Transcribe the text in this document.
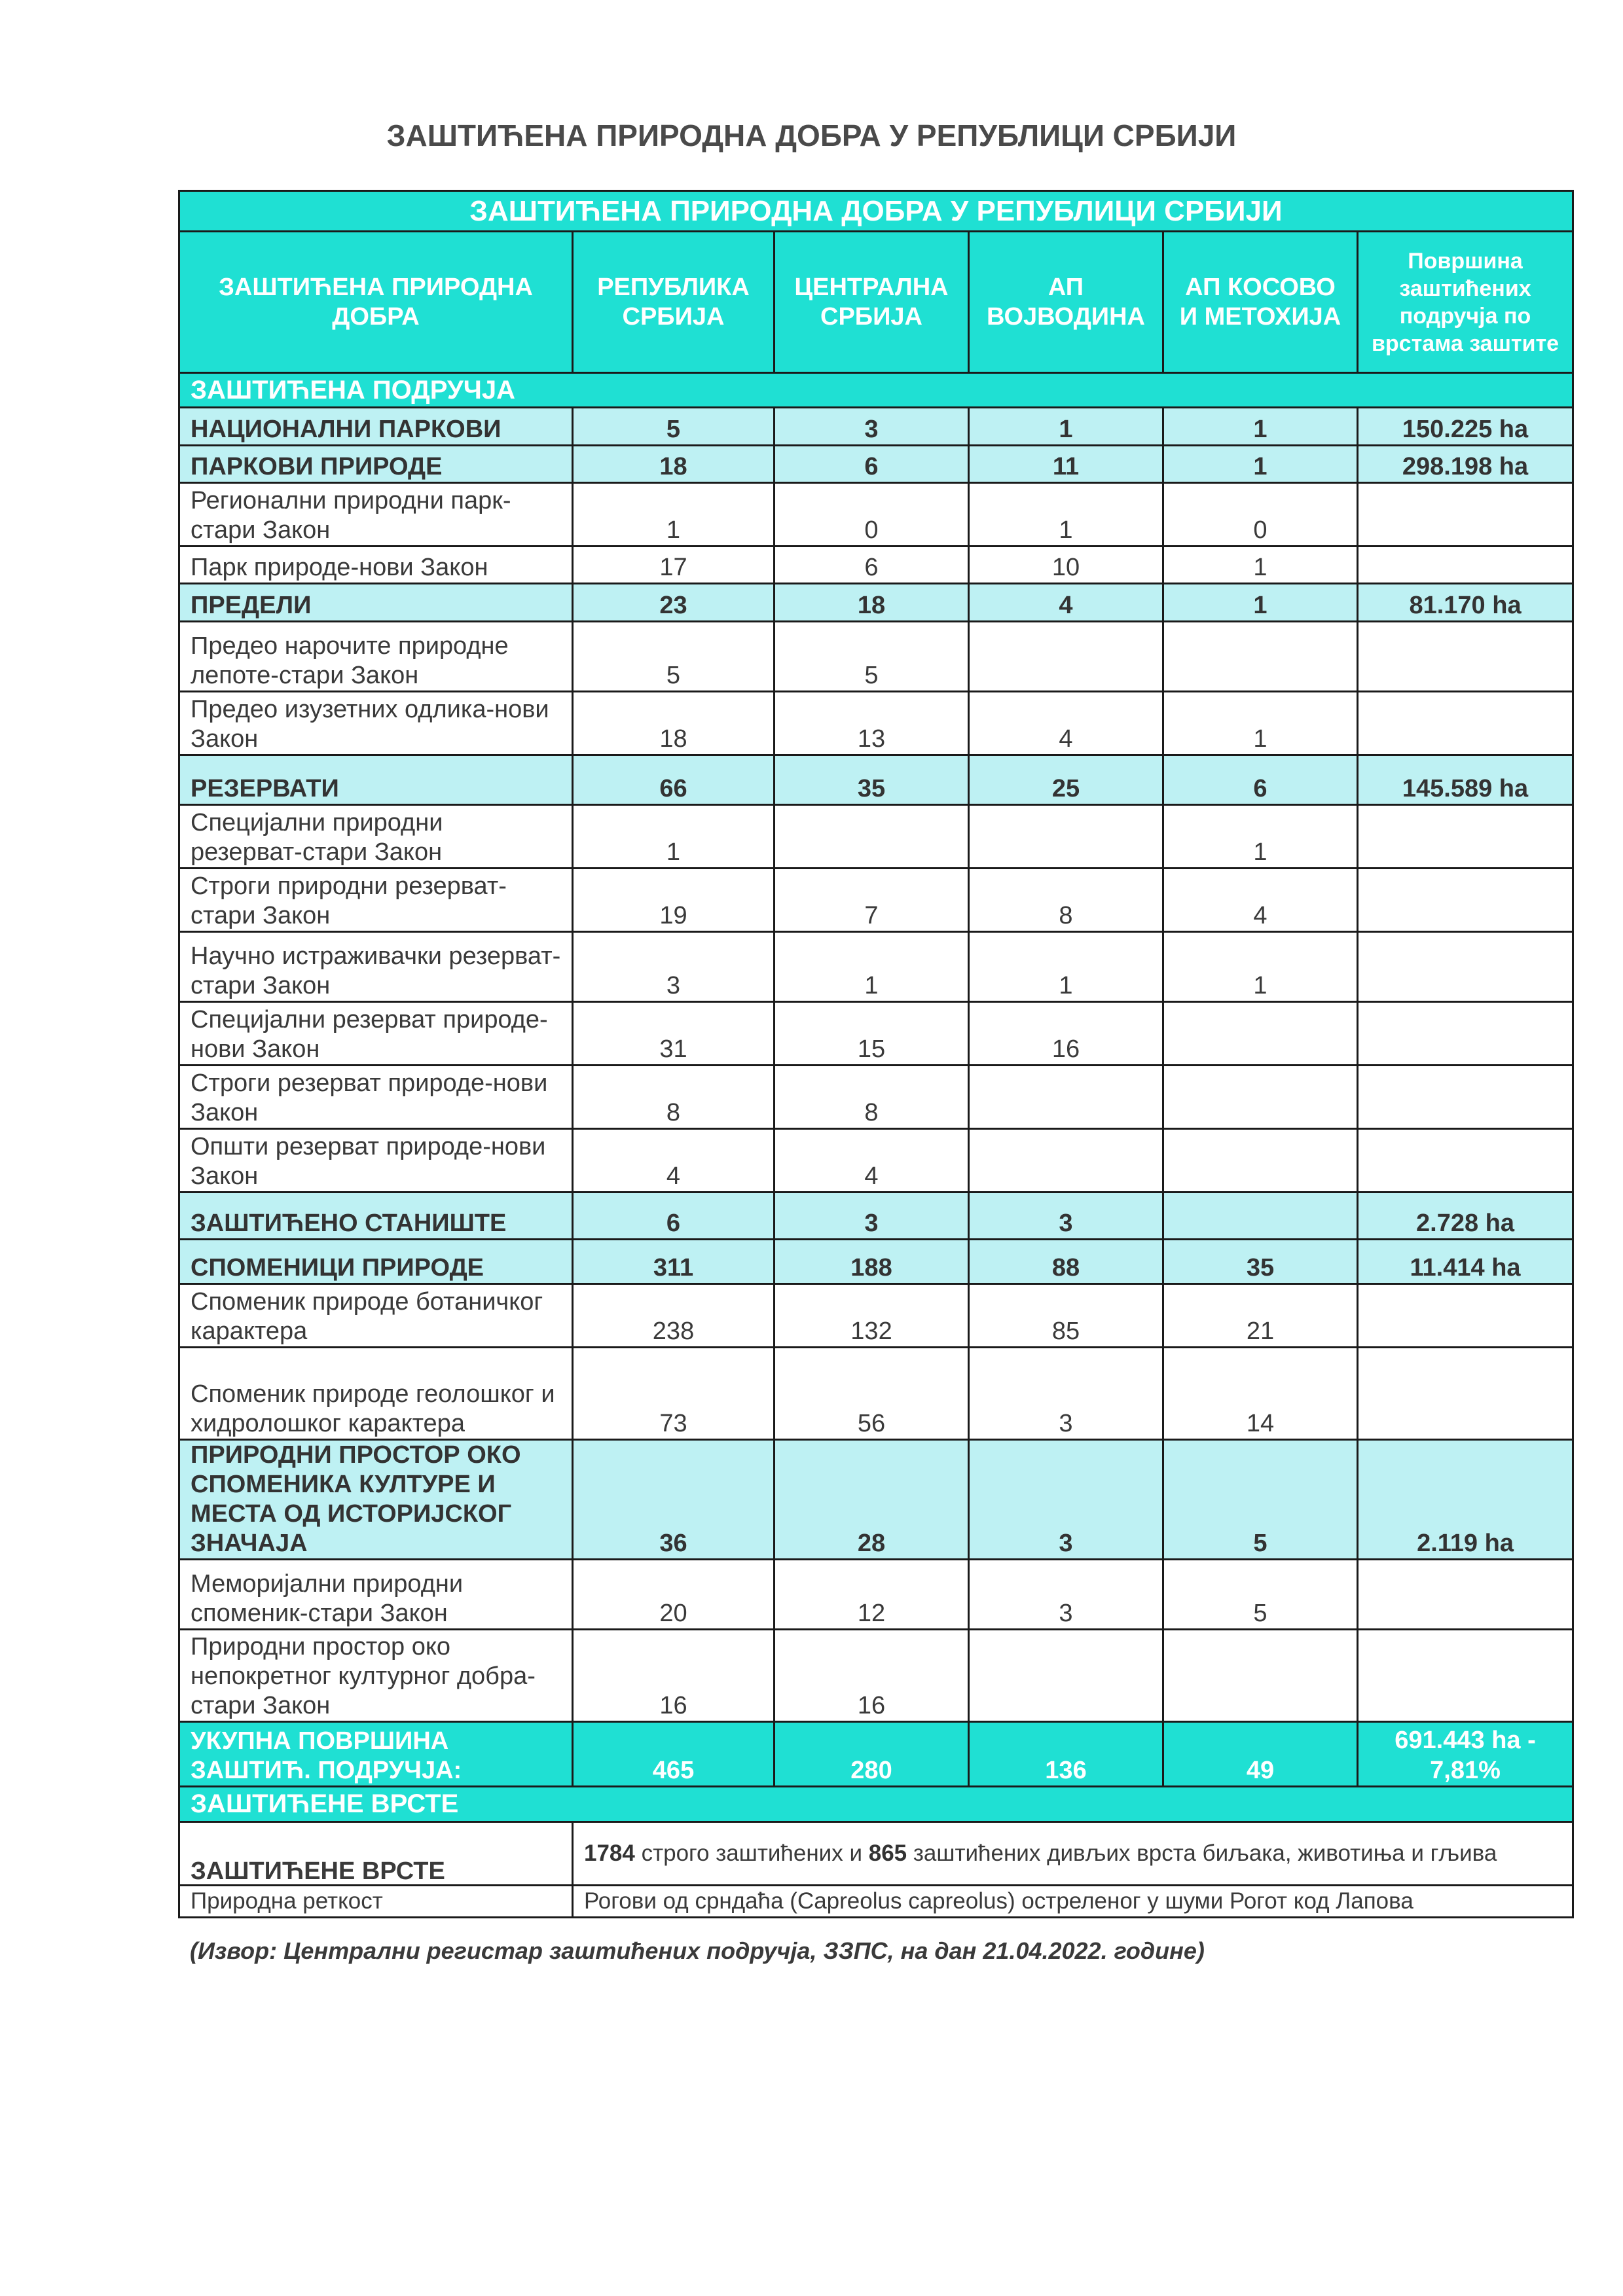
ЗАШТИЋЕНА ПРИРОДНА ДОБРА У РЕПУБЛИЦИ СРБИЈИ
ЗАШТИЋЕНА ПРИРОДНА ДОБРА У РЕПУБЛИЦИ СРБИЈИ					
ЗАШТИЋЕНА ПРИРОДНА ДОБРА	РЕПУБЛИКА СРБИЈА	ЦЕНТРАЛНА СРБИЈА	АП ВОЈВОДИНА	АП КОСОВО И МЕТОХИЈА	Површина заштићених подручја по врстама заштите
ЗАШТИЋЕНА ПОДРУЧЈА					
НАЦИОНАЛНИ ПАРКОВИ	5	3	1	1	150.225 ha
ПАРКОВИ ПРИРОДЕ	18	6	11	1	298.198 ha
Регионални природни парк-стари Закон	1	0	1	0	
Парк природе-нови Закон	17	6	10	1	
ПРЕДЕЛИ	23	18	4	1	81.170 ha
Предео нарочите природне лепоте-стари Закон	5	5			
Предео изузетних одлика-нови Закон	18	13	4	1	
РЕЗЕРВАТИ	66	35	25	6	145.589 ha
Специјални природни резерват-стари Закон	1			1	
Строги природни резерват-стари Закон	19	7	8	4	
Научно истраживачки резерват-стари Закон	3	1	1	1	
Специјални резерват природе-нови Закон	31	15	16		
Строги резерват природе-нови Закон	8	8			
Општи резерват природе-нови Закон	4	4			
ЗАШТИЋЕНО СТАНИШТЕ	6	3	3		2.728 ha
СПОМЕНИЦИ ПРИРОДЕ	311	188	88	35	11.414 ha
Споменик природе ботаничког карактера	238	132	85	21	
Споменик природе геолошког и хидролошког карактера	73	56	3	14	
ПРИРОДНИ ПРОСТОР ОКО СПОМЕНИКА КУЛТУРЕ И МЕСТА ОД ИСТОРИЈСКОГ ЗНАЧАЈА	36	28	3	5	2.119 ha
Меморијални природни споменик-стари Закон	20	12	3	5	
Природни простор око непокретног културног добра-стари Закон	16	16			
УКУПНА ПОВРШИНА ЗАШТИЋ. ПОДРУЧЈА:	465	280	136	49	691.443 ha - 7,81%
ЗАШТИЋЕНЕ ВРСТЕ					
ЗАШТИЋЕНЕ ВРСТЕ	1784 строго заштићених и 865 заштићених дивљих врста биљака, животиња и гљива				
Природна реткост	Рогови од срндаћа (Capreolus capreolus) остреленог у шуми Рогот код Лапова				
(Извор: Централни регистар заштићених подручја, ЗЗПС, на дан 21.04.2022. године)
